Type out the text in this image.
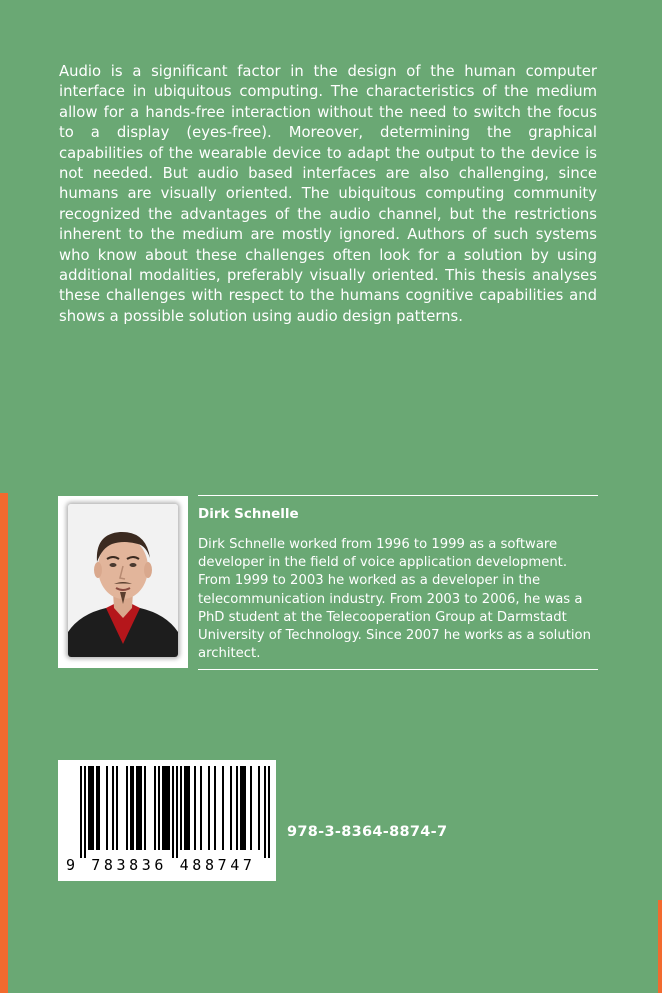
Audio is a significant factor in the design of the human computer interface in ubiquitous computing. The characteristics of the medium allow for a hands-free interaction without the need to switch the focus to a display (eyes-free). Moreover, determining the graphical capabilities of the wearable device to adapt the output to the device is not needed. But audio based interfaces are also challenging, since humans are visually oriented. The ubiquitous computing community recognized the advantages of the audio channel, but the restrictions inherent to the medium are mostly ignored. Authors of such systems who know about these challenges often look for a solution by using additional modalities, preferably visually oriented. This thesis analyses these challenges with respect to the humans cognitive capabilities and shows a possible solution using audio design patterns.

Dirk Schnelle

Dirk Schnelle worked from 1996 to 1999 as a software developer in the field of voice application development. From 1999 to 2003 he worked as a developer in the telecommunication industry. From 2003 to 2006, he was a PhD student at the Telecooperation Group at Darmstadt University of Technology. Since 2007 he works as a solution architect.

9 783836 488747

978-3-8364-8874-7
